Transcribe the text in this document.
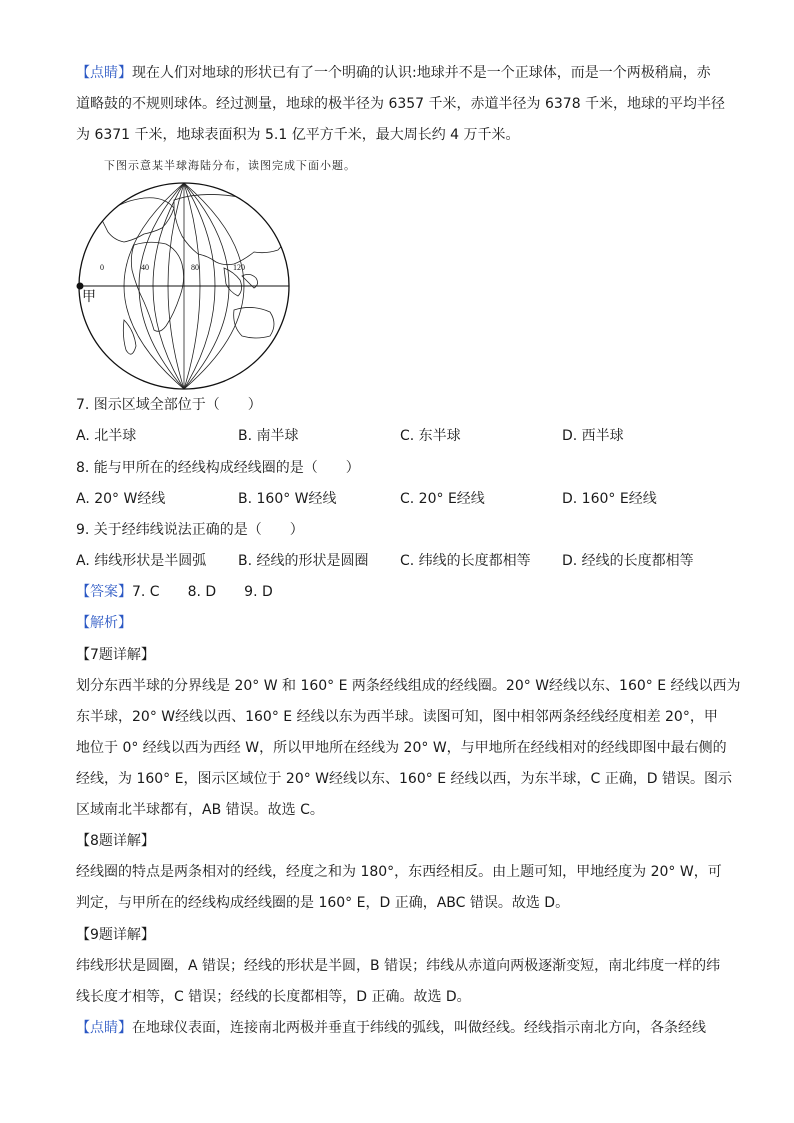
【点睛】现在人们对地球的形状已有了一个明确的认识:地球并不是一个正球体，而是一个两极稍扁，赤
道略鼓的不规则球体。经过测量，地球的极半径为 6357 千米，赤道半径为 6378 千米，地球的平均半径
为 6371 千米，地球表面积为 5.1 亿平方千米，最大周长约 4 万千米。
下图示意某半球海陆分布，读图完成下面小题。
甲
0	40	80	120
7. 图示区域全部位于（　　）
A. 北半球	B. 南半球	C. 东半球	D. 西半球
8. 能与甲所在的经线构成经线圈的是（　　）
A. 20° W经线	B. 160° W经线	C. 20° E经线	D. 160° E经线
9. 关于经纬线说法正确的是（　　）
A. 纬线形状是半圆弧 B. 经线的形状是圆圈 C. 纬线的长度都相等 D. 经线的长度都相等
【答案】7. C　　8. D　　9. D
【解析】
【7题详解】
划分东西半球的分界线是 20° W 和 160° E 两条经线组成的经线圈。20° W经线以东、160° E 经线以西为
东半球，20° W经线以西、160° E 经线以东为西半球。读图可知，图中相邻两条经线经度相差 20°，甲
地位于 0° 经线以西为西经 W，所以甲地所在经线为 20° W，与甲地所在经线相对的经线即图中最右侧的
经线，为 160° E，图示区域位于 20° W经线以东、160° E 经线以西，为东半球，C 正确，D 错误。图示
区域南北半球都有，AB 错误。故选 C。
【8题详解】
经线圈的特点是两条相对的经线，经度之和为 180°，东西经相反。由上题可知，甲地经度为 20° W，可
判定，与甲所在的经线构成经线圈的是 160° E，D 正确，ABC 错误。故选 D。
【9题详解】
纬线形状是圆圈，A 错误；经线的形状是半圆，B 错误；纬线从赤道向两极逐渐变短，南北纬度一样的纬
线长度才相等，C 错误；经线的长度都相等，D 正确。故选 D。
【点睛】在地球仪表面，连接南北两极并垂直于纬线的弧线，叫做经线。经线指示南北方向，各条经线
